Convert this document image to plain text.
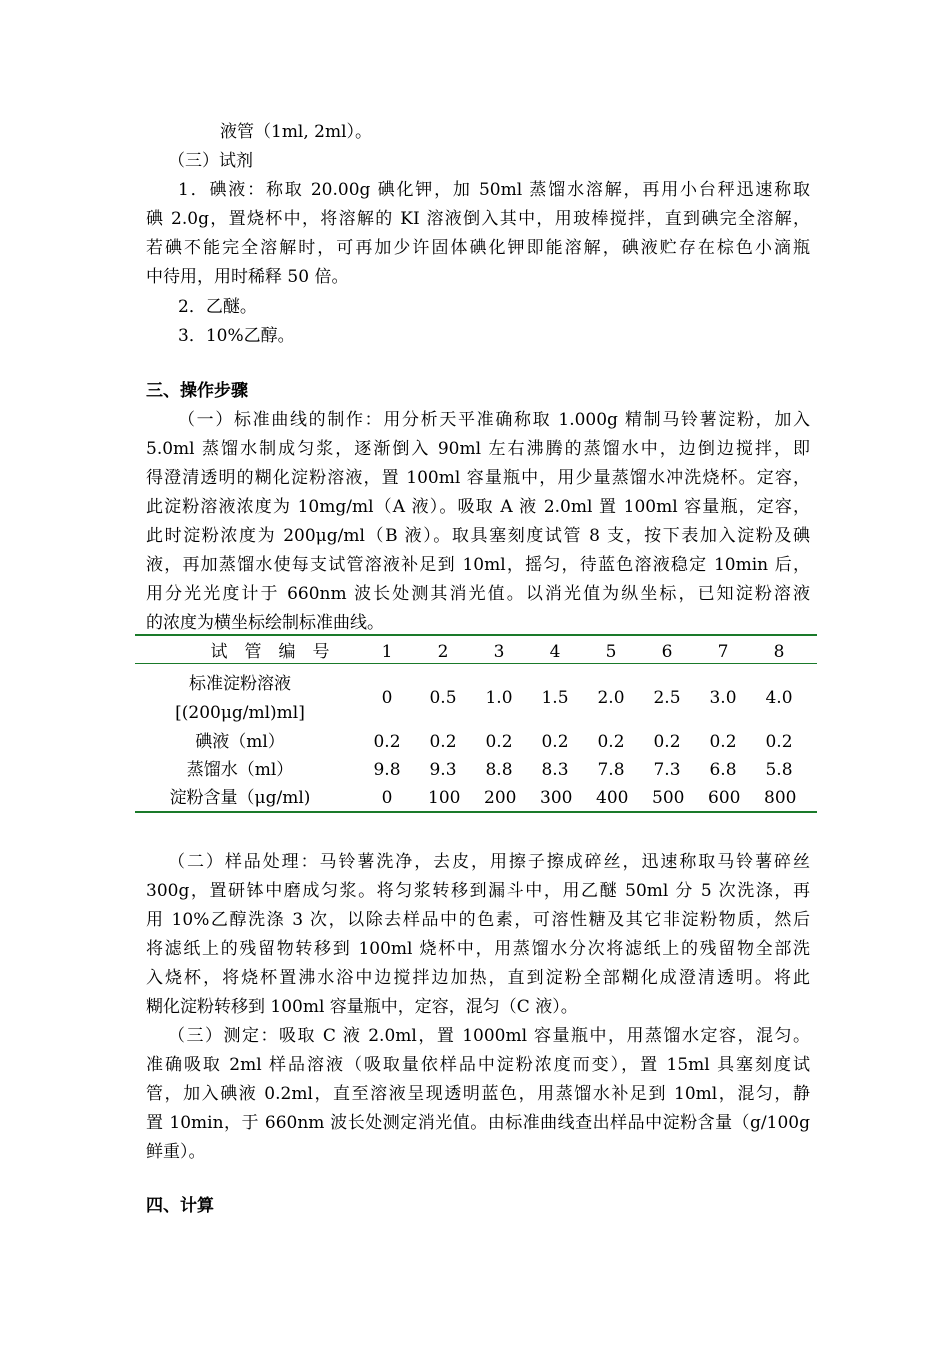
液管（1ml, 2ml）。
（三）试剂
1．碘液：称取 20.00g 碘化钾，加 50ml 蒸馏水溶解，再用小台秤迅速称取
碘 2.0g，置烧杯中，将溶解的 KI 溶液倒入其中，用玻棒搅拌，直到碘完全溶解，
若碘不能完全溶解时，可再加少许固体碘化钾即能溶解，碘液贮存在棕色小滴瓶
中待用，用时稀释 50 倍。
2．乙醚。
3．10%乙醇。
三、操作步骤
（一）标准曲线的制作：用分析天平准确称取 1.000g 精制马铃薯淀粉，加入
5.0ml 蒸馏水制成匀浆，逐渐倒入 90ml 左右沸腾的蒸馏水中，边倒边搅拌，即
得澄清透明的糊化淀粉溶液，置 100ml 容量瓶中，用少量蒸馏水冲洗烧杯。定容，
此淀粉溶液浓度为 10mg/ml（A 液）。吸取 A 液 2.0ml 置 100ml 容量瓶，定容，
此时淀粉浓度为 200μg/ml（B 液）。取具塞刻度试管 8 支，按下表加入淀粉及碘
液，再加蒸馏水使每支试管溶液补足到 10ml，摇匀，待蓝色溶液稳定 10min 后，
用分光光度计于 660nm 波长处测其消光值。以消光值为纵坐标，已知淀粉溶液
的浓度为横坐标绘制标准曲线。
试　管　编　号	1	2	3	4	5	6	7	8
标准淀粉溶液
[(200μg/ml)ml]
0	0.5 1.0 1.5 2.0 2.5 3.0 4.0
碘液（ml）	0.2 0.2 0.2 0.2 0.2 0.2 0.2 0.2
蒸馏水（ml）	9.8 9.3 8.8 8.3 7.8 7.3 6.8 5.8
淀粉含量（μg/ml)	0	100 200 300 400 500 600 800
（二）样品处理：马铃薯洗净，去皮，用擦子擦成碎丝，迅速称取马铃薯碎丝
300g，置研钵中磨成匀浆。将匀浆转移到漏斗中，用乙醚 50ml 分 5 次洗涤，再
用 10%乙醇洗涤 3 次，以除去样品中的色素，可溶性糖及其它非淀粉物质，然后
将滤纸上的残留物转移到 100ml 烧杯中，用蒸馏水分次将滤纸上的残留物全部洗
入烧杯，将烧杯置沸水浴中边搅拌边加热，直到淀粉全部糊化成澄清透明。将此
糊化淀粉转移到 100ml 容量瓶中，定容，混匀（C 液）。
（三）测定：吸取 C 液 2.0ml，置 1000ml 容量瓶中，用蒸馏水定容，混匀。
准确吸取 2ml 样品溶液（吸取量依样品中淀粉浓度而变），置 15ml 具塞刻度试
管，加入碘液 0.2ml，直至溶液呈现透明蓝色，用蒸馏水补足到 10ml，混匀，静
置 10min，于 660nm 波长处测定消光值。由标准曲线查出样品中淀粉含量（g/100g
鲜重）。
四、计算
